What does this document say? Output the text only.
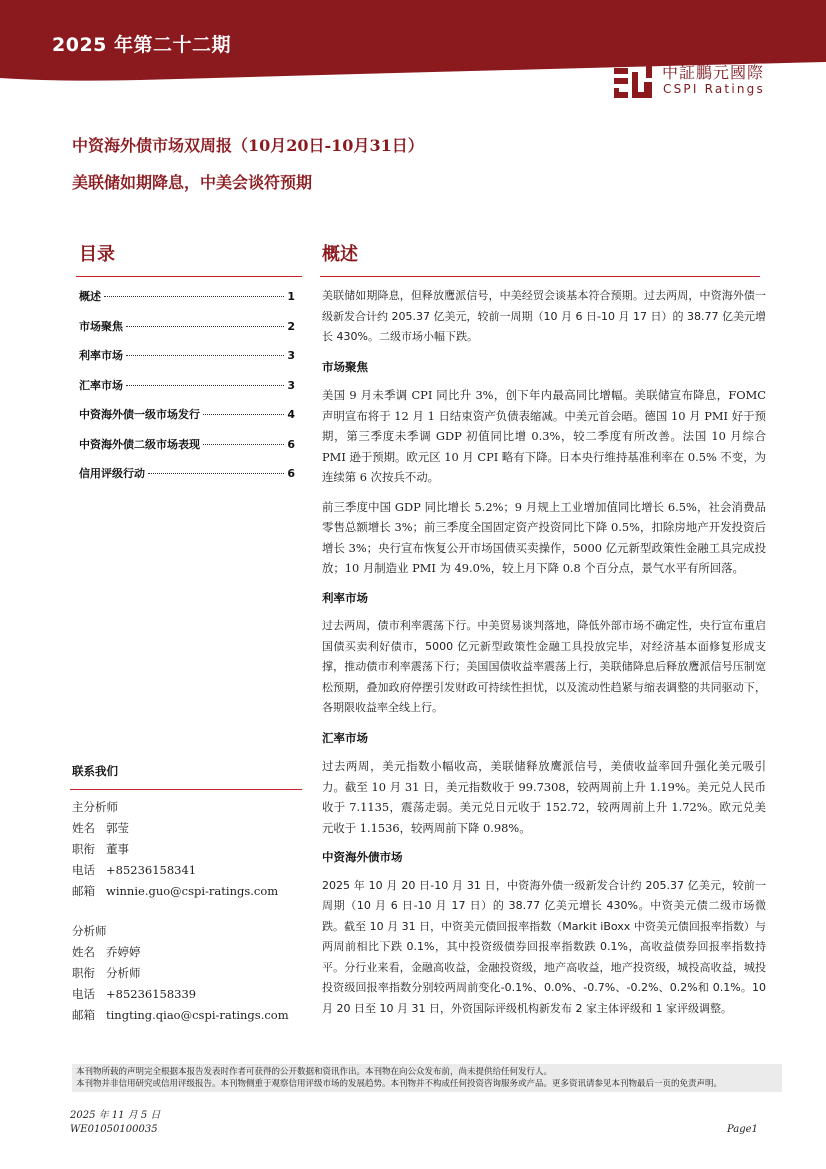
2025 年第二十二期
中証鵬元國際
CSPI Ratings
中资海外债市场双周报（10月20日-10月31日）
美联储如期降息，中美会谈符预期
目录
概述	1
市场聚焦	2
利率市场	3
汇率市场	3
中资海外债一级市场发行	4
中资海外债二级市场表现	6
信用评级行动	6
概述

美联储如期降息，但释放鹰派信号，中美经贸会谈基本符合预期。过去两周，中资海外债一级新发合计约 205.37 亿美元，较前一周期（10 月 6 日-10 月 17 日）的 38.77 亿美元增长 430%。二级市场小幅下跌。

市场聚焦

美国 9 月未季调 CPI 同比升 3%，创下年内最高同比增幅。美联储宣布降息，FOMC 声明宣布将于 12 月 1 日结束资产负债表缩减。中美元首会晤。德国 10 月 PMI 好于预期，第三季度未季调 GDP 初值同比增 0.3%，较二季度有所改善。法国 10 月综合 PMI 逊于预期。欧元区 10 月 CPI 略有下降。日本央行维持基准利率在 0.5% 不变，为连续第 6 次按兵不动。

前三季度中国 GDP 同比增长 5.2%；9 月规上工业增加值同比增长 6.5%，社会消费品零售总额增长 3%；前三季度全国固定资产投资同比下降 0.5%，扣除房地产开发投资后增长 3%；央行宣布恢复公开市场国债买卖操作，5000 亿元新型政策性金融工具完成投放；10 月制造业 PMI 为 49.0%，较上月下降 0.8 个百分点，景气水平有所回落。

利率市场

过去两周，债市利率震荡下行。中美贸易谈判落地，降低外部市场不确定性，央行宣布重启国债买卖利好债市，5000 亿元新型政策性金融工具投放完毕，对经济基本面修复形成支撑，推动债市利率震荡下行；美国国债收益率震荡上行，美联储降息后释放鹰派信号压制宽松预期，叠加政府停摆引发财政可持续性担忧，以及流动性趋紧与缩表调整的共同驱动下，各期限收益率全线上行。

汇率市场

过去两周，美元指数小幅收高，美联储释放鹰派信号，美债收益率回升强化美元吸引力。截至 10 月 31 日，美元指数收于 99.7308，较两周前上升 1.19%。美元兑人民币收于 7.1135，震荡走弱。美元兑日元收于 152.72，较两周前上升 1.72%。欧元兑美元收于 1.1536，较两周前下降 0.98%。

中资海外债市场

2025 年 10 月 20 日-10 月 31 日，中资海外债一级新发合计约 205.37 亿美元，较前一周期（10 月 6 日-10 月 17 日）的 38.77 亿美元增长 430%。中资美元债二级市场微跌。截至 10 月 31 日，中资美元债回报率指数（Markit iBoxx 中资美元债回报率指数）与两周前相比下跌 0.1%，其中投资级债券回报率指数跌 0.1%，高收益债券回报率指数持平。分行业来看，金融高收益，金融投资级，地产高收益，地产投资级，城投高收益，城投投资级回报率指数分别较两周前变化-0.1%、0.0%、-0.7%、-0.2%、0.2%和 0.1%。10 月 20 日至 10 月 31 日，外资国际评级机构新发布 2 家主体评级和 1 家评级调整。

联系我们
主分析师
姓名 郭莹
职衔 董事
电话 +85236158341
邮箱 winnie.guo@cspi-ratings.com
分析师
姓名 乔婷婷
职衔 分析师
电话 +85236158339
邮箱 tingting.qiao@cspi-ratings.com
本刊物所载的声明完全根据本报告发表时作者可获得的公开数据和资讯作出。本刊物在向公众发布前，尚未提供给任何发行人。
本刊物并非信用研究或信用评级报告。本刊物侧重于观察信用评级市场的发展趋势。本刊物并不构成任何投资咨询服务或产品。更多资讯请参见本刊物最后一页的免责声明。
2025 年 11 月 5 日
WE01050100035	Page1
